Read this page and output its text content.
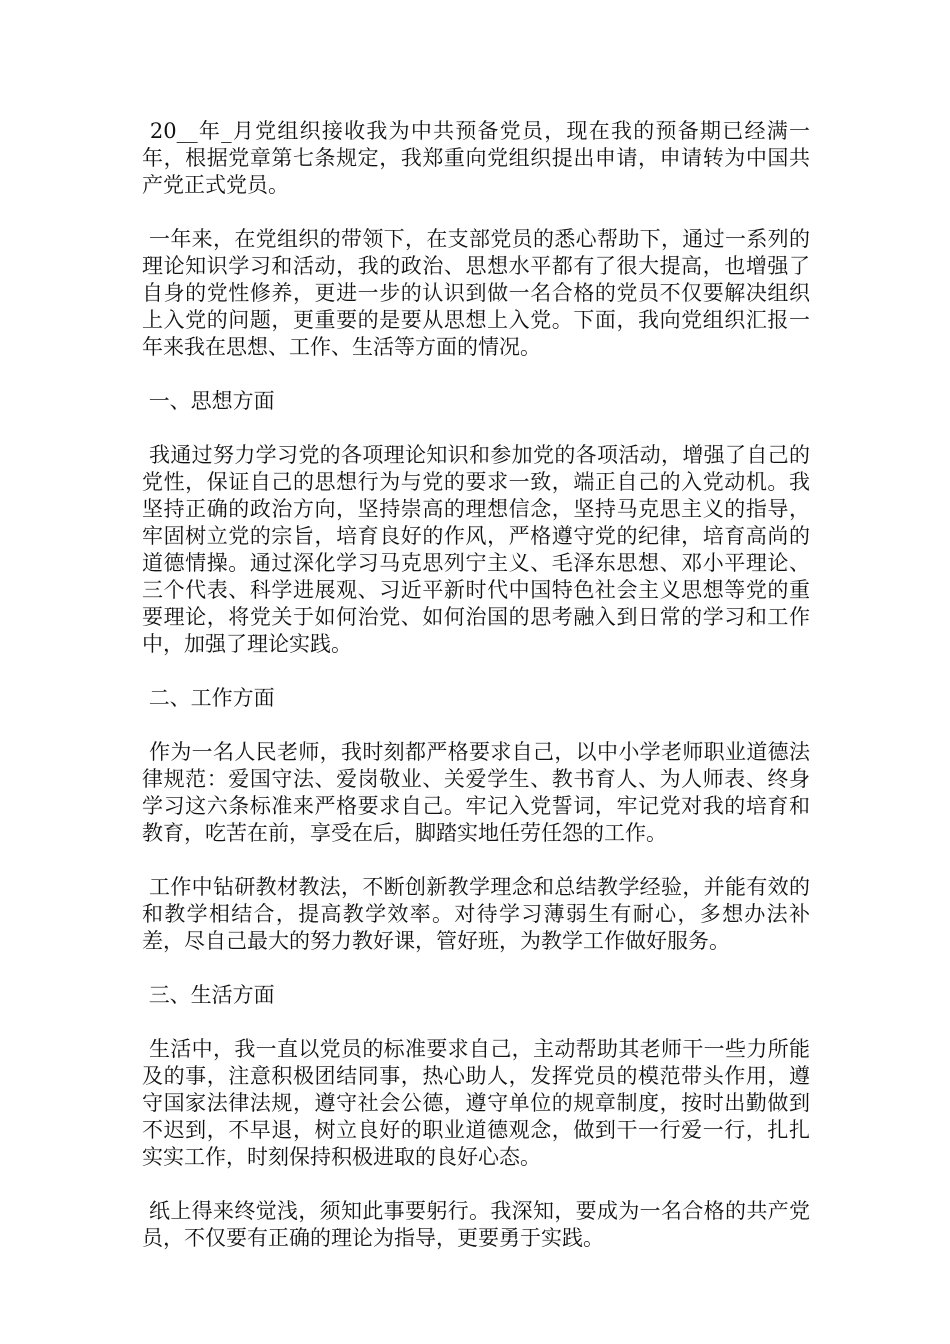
20__年_月党组织接收我为中共预备党员，现在我的预备期已经满一年，根据党章第七条规定，我郑重向党组织提出申请，申请转为中国共产党正式党员。

一年来，在党组织的带领下，在支部党员的悉心帮助下，通过一系列的理论知识学习和活动，我的政治、思想水平都有了很大提高，也增强了自身的党性修养，更进一步的认识到做一名合格的党员不仅要解决组织上入党的问题，更重要的是要从思想上入党。下面，我向党组织汇报一年来我在思想、工作、生活等方面的情况。

一、思想方面

我通过努力学习党的各项理论知识和参加党的各项活动，增强了自己的党性，保证自己的思想行为与党的要求一致，端正自己的入党动机。我坚持正确的政治方向，坚持崇高的理想信念，坚持马克思主义的指导，牢固树立党的宗旨，培育良好的作风，严格遵守党的纪律，培育高尚的道德情操。通过深化学习马克思列宁主义、毛泽东思想、邓小平理论、三个代表、科学进展观、习近平新时代中国特色社会主义思想等党的重要理论，将党关于如何治党、如何治国的思考融入到日常的学习和工作中，加强了理论实践。

二、工作方面

作为一名人民老师，我时刻都严格要求自己，以中小学老师职业道德法律规范：爱国守法、爱岗敬业、关爱学生、教书育人、为人师表、终身学习这六条标准来严格要求自己。牢记入党誓词，牢记党对我的培育和教育，吃苦在前，享受在后，脚踏实地任劳任怨的工作。

工作中钻研教材教法，不断创新教学理念和总结教学经验，并能有效的和教学相结合，提高教学效率。对待学习薄弱生有耐心，多想办法补差，尽自己最大的努力教好课，管好班，为教学工作做好服务。

三、生活方面

生活中，我一直以党员的标准要求自己，主动帮助其老师干一些力所能及的事，注意积极团结同事，热心助人，发挥党员的模范带头作用，遵守国家法律法规，遵守社会公德，遵守单位的规章制度，按时出勤做到不迟到，不早退，树立良好的职业道德观念，做到干一行爱一行，扎扎实实工作，时刻保持积极进取的良好心态。

纸上得来终觉浅，须知此事要躬行。我深知，要成为一名合格的共产党员，不仅要有正确的理论为指导，更要勇于实践。
